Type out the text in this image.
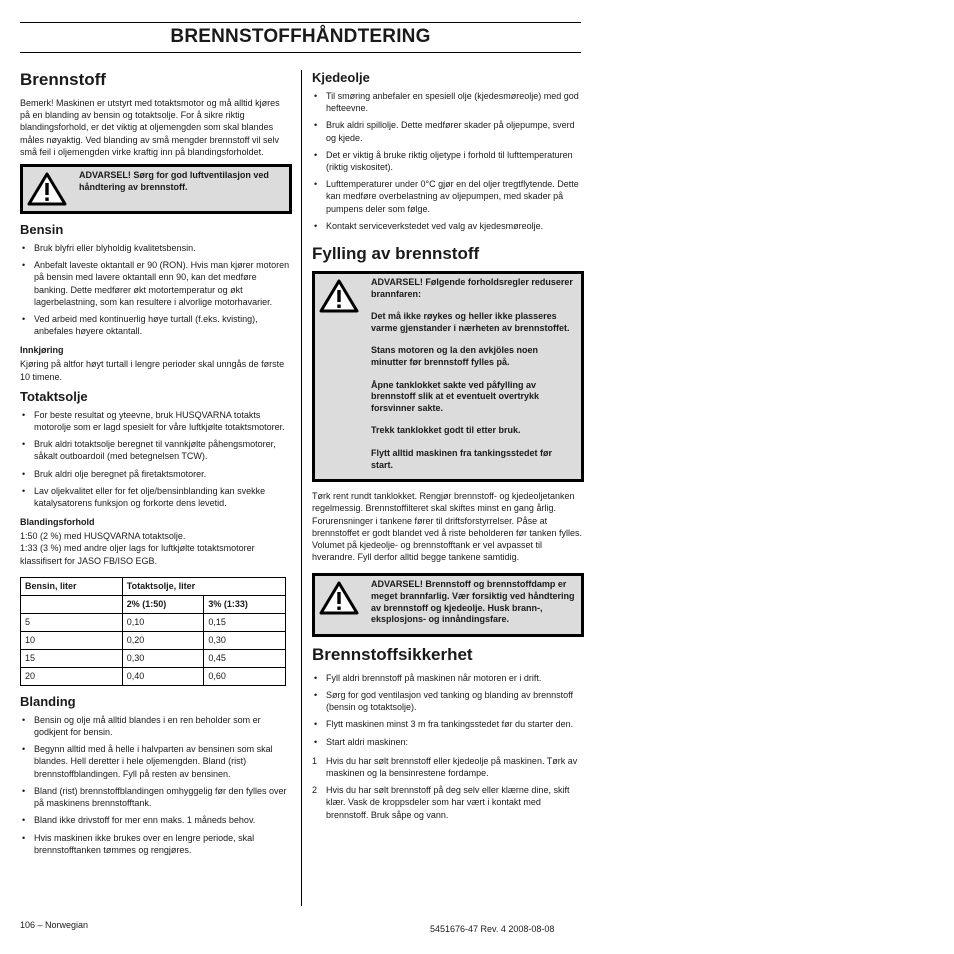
BRENNSTOFFHÅNDTERING
Brennstoff

Bemerk! Maskinen er utstyrt med totaktsmotor og må alltid kjøres på en blanding av bensin og totaktsolje. For å sikre riktig blandingsforhold, er det viktig at oljemengden som skal blandes måles nøyaktig. Ved blanding av små mengder brennstoff vil selv små feil i oljemengden virke kraftig inn på blandingsforholdet.

ADVARSEL! Sørg for god luftventilasjon ved håndtering av brennstoff.
Bensin
• Bruk blyfri eller blyholdig kvalitetsbensin.
• Anbefalt laveste oktantall er 90 (RON). Hvis man kjører motoren på bensin med lavere oktantall enn 90, kan det medføre banking. Dette medfører økt motortemperatur og økt lagerbelastning, som kan resultere i alvorlige motorhavarier.
• Ved arbeid med kontinuerlig høye turtall (f.eks. kvisting), anbefales høyere oktantall.
Innkjøring

Kjøring på altfor høyt turtall i lengre perioder skal unngås de første 10 timene.

Totaktsolje
• For beste resultat og yteevne, bruk HUSQVARNA totakts motorolje som er lagd spesielt for våre luftkjølte totaktsmotorer.
• Bruk aldri totaktsolje beregnet til vannkjølte påhengsmotorer, såkalt outboardoil (med betegnelsen TCW).
• Bruk aldri olje beregnet på firetaktsmotorer.
• Lav oljekvalitet eller for fet olje/bensinblanding kan svekke katalysatorens funksjon og forkorte dens levetid.
Blandingsforhold

1:50 (2 %) med HUSQVARNA totaktsolje.

1:33 (3 %) med andre oljer lags for luftkjølte totaktsmotorer klassifisert for JASO FB/ISO EGB.

Bensin, liter	Totaktsolje, liter	
	2% (1:50)	3% (1:33)
5	0,10	0,15
10	0,20	0,30
15	0,30	0,45
20	0,40	0,60
Blanding
• Bensin og olje må alltid blandes i en ren beholder som er godkjent for bensin.
• Begynn alltid med å helle i halvparten av bensinen som skal blandes. Hell deretter i hele oljemengden. Bland (rist) brennstoffblandingen. Fyll på resten av bensinen.
• Bland (rist) brennstoffblandingen omhyggelig før den fylles over på maskinens brennstofftank.
• Bland ikke drivstoff for mer enn maks. 1 måneds behov.
• Hvis maskinen ikke brukes over en lengre periode, skal brennstofftanken tømmes og rengjøres.
Kjedeolje
• Til smøring anbefaler en spesiell olje (kjedesmøreolje) med god hefteevne.
• Bruk aldri spillolje. Dette medfører skader på oljepumpe, sverd og kjede.
• Det er viktig å bruke riktig oljetype i forhold til lufttemperaturen (riktig viskositet).
• Lufttemperaturer under 0°C gjør en del oljer tregtflytende. Dette kan medføre overbelastning av oljepumpen, med skader på pumpens deler som følge.
• Kontakt serviceverkstedet ved valg av kjedesmøreolje.
Fylling av brennstoff

ADVARSEL! Følgende forholdsregler reduserer brannfaren:

Det må ikke røykes og heller ikke plasseres varme gjenstander i nærheten av brennstoffet.

Stans motoren og la den avkjöles noen minutter før brennstoff fylles på.

Åpne tanklokket sakte ved påfylling av brennstoff slik at et eventuelt overtrykk forsvinner sakte.

Trekk tanklokket godt til etter bruk.

Flytt alltid maskinen fra tankingsstedet før start.

Tørk rent rundt tanklokket. Rengjør brennstoff- og kjedeoljetanken regelmessig. Brennstoffilteret skal skiftes minst en gang årlig. Forurensninger i tankene fører til driftsforstyrrelser. Påse at brennstoffet er godt blandet ved å riste beholderen før tanken fylles. Volumet på kjedeolje- og brennstofftank er vel avpasset til hverandre. Fyll derfor alltid begge tankene samtidig.

ADVARSEL! Brennstoff og brennstoffdamp er meget brannfarlig. Vær forsiktig ved håndtering av brennstoff og kjedeolje. Husk brann-, eksplosjons- og innåndingsfare.
Brennstoffsikkerhet
• Fyll aldri brennstoff på maskinen når motoren er i drift.
• Sørg for god ventilasjon ved tanking og blanding av brennstoff (bensin og totaktsolje).
• Flytt maskinen minst 3 m fra tankingsstedet før du starter den.
• Start aldri maskinen:
1 Hvis du har sølt brennstoff eller kjedeolje på maskinen. Tørk av maskinen og la bensinrestene fordampe.
2 Hvis du har sølt brennstoff på deg selv eller klærne dine, skift klær. Vask de kroppsdeler som har vært i kontakt med brennstoff. Bruk såpe og vann.
106 – Norwegian	5451676-47 Rev. 4 2008-08-08
